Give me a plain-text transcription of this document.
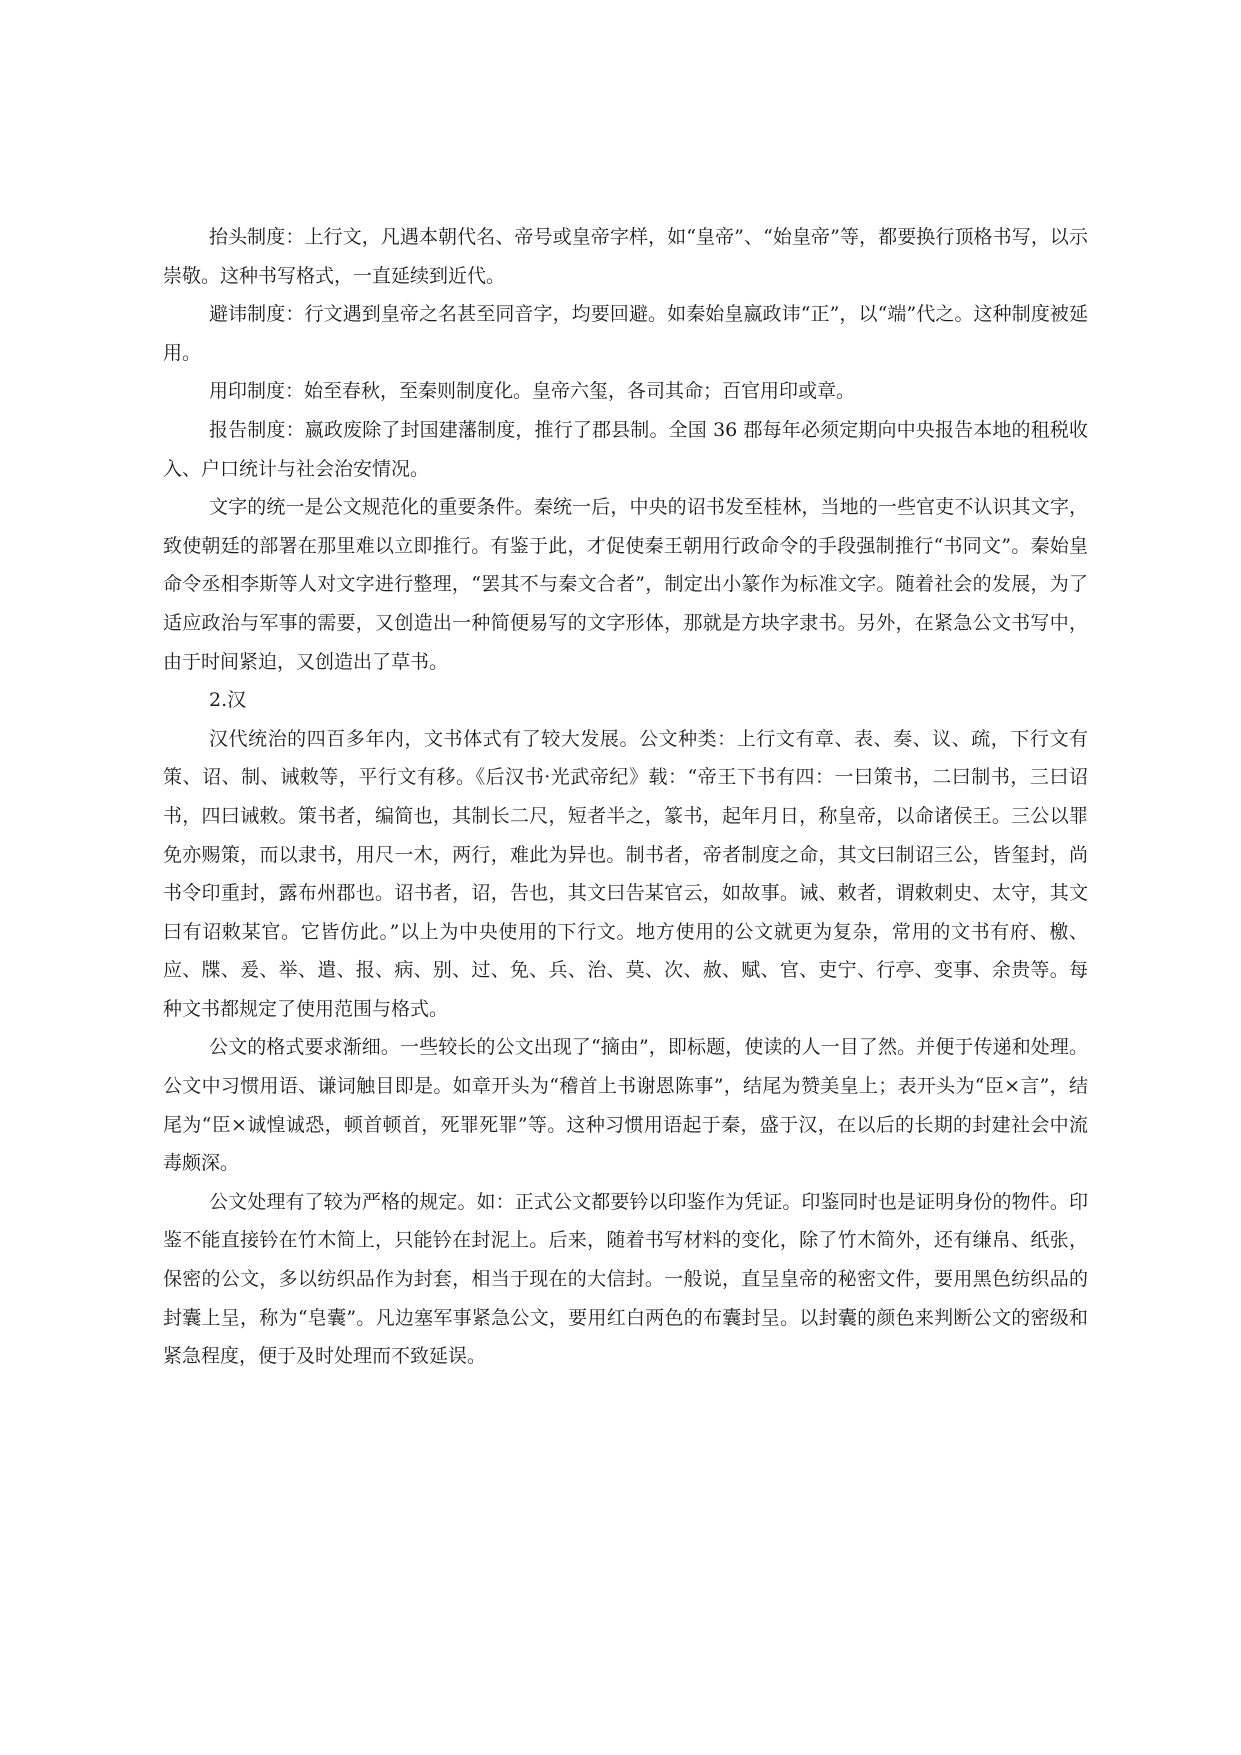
抬头制度：上行文，凡遇本朝代名、帝号或皇帝字样，如“皇帝”、“始皇帝”等，都要换行顶格书写，以示崇敬。这种书写格式，一直延续到近代。

避讳制度：行文遇到皇帝之名甚至同音字，均要回避。如秦始皇嬴政讳“正”，以“端”代之。这种制度被延用。

用印制度：始至春秋，至秦则制度化。皇帝六玺，各司其命；百官用印或章。

报告制度：嬴政废除了封国建藩制度，推行了郡县制。全国 36 郡每年必须定期向中央报告本地的租税收入、户口统计与社会治安情况。

文字的统一是公文规范化的重要条件。秦统一后，中央的诏书发至桂林，当地的一些官吏不认识其文字，致使朝廷的部署在那里难以立即推行。有鉴于此，才促使秦王朝用行政命令的手段强制推行“书同文”。秦始皇命令丞相李斯等人对文字进行整理，“罢其不与秦文合者”，制定出小篆作为标准文字。随着社会的发展，为了适应政治与军事的需要，又创造出一种简便易写的文字形体，那就是方块字隶书。另外，在紧急公文书写中，由于时间紧迫，又创造出了草书。

2.汉

汉代统治的四百多年内，文书体式有了较大发展。公文种类：上行文有章、表、奏、议、疏，下行文有策、诏、制、诫敕等，平行文有移。《后汉书·光武帝纪》载：“帝王下书有四：一曰策书，二曰制书，三曰诏书，四曰诫敕。策书者，编简也，其制长二尺，短者半之，篆书，起年月日，称皇帝，以命诸侯王。三公以罪免亦赐策，而以隶书，用尺一木，两行，难此为异也。制书者，帝者制度之命，其文曰制诏三公，皆玺封，尚书令印重封，露布州郡也。诏书者，诏，告也，其文曰告某官云，如故事。诫、敕者，谓敕刺史、太守，其文曰有诏敕某官。它皆仿此。”以上为中央使用的下行文。地方使用的公文就更为复杂，常用的文书有府、檄、应、牒、爰、举、遣、报、病、别、过、免、兵、治、莫、次、赦、赋、官、吏宁、行亭、变事、余贵等。每种文书都规定了使用范围与格式。

公文的格式要求渐细。一些较长的公文出现了“摘由”，即标题，使读的人一目了然。并便于传递和处理。公文中习惯用语、谦词触目即是。如章开头为“稽首上书谢恩陈事”，结尾为赞美皇上；表开头为“臣×言”，结尾为“臣×诚惶诚恐，顿首顿首，死罪死罪”等。这种习惯用语起于秦，盛于汉，在以后的长期的封建社会中流毒颇深。

公文处理有了较为严格的规定。如：正式公文都要钤以印鉴作为凭证。印鉴同时也是证明身份的物件。印鉴不能直接钤在竹木简上，只能钤在封泥上。后来，随着书写材料的变化，除了竹木简外，还有缣帛、纸张，保密的公文，多以纺织品作为封套，相当于现在的大信封。一般说，直呈皇帝的秘密文件，要用黑色纺织品的封囊上呈，称为“皂囊”。凡边塞军事紧急公文，要用红白两色的布囊封呈。以封囊的颜色来判断公文的密级和紧急程度，便于及时处理而不致延误。
